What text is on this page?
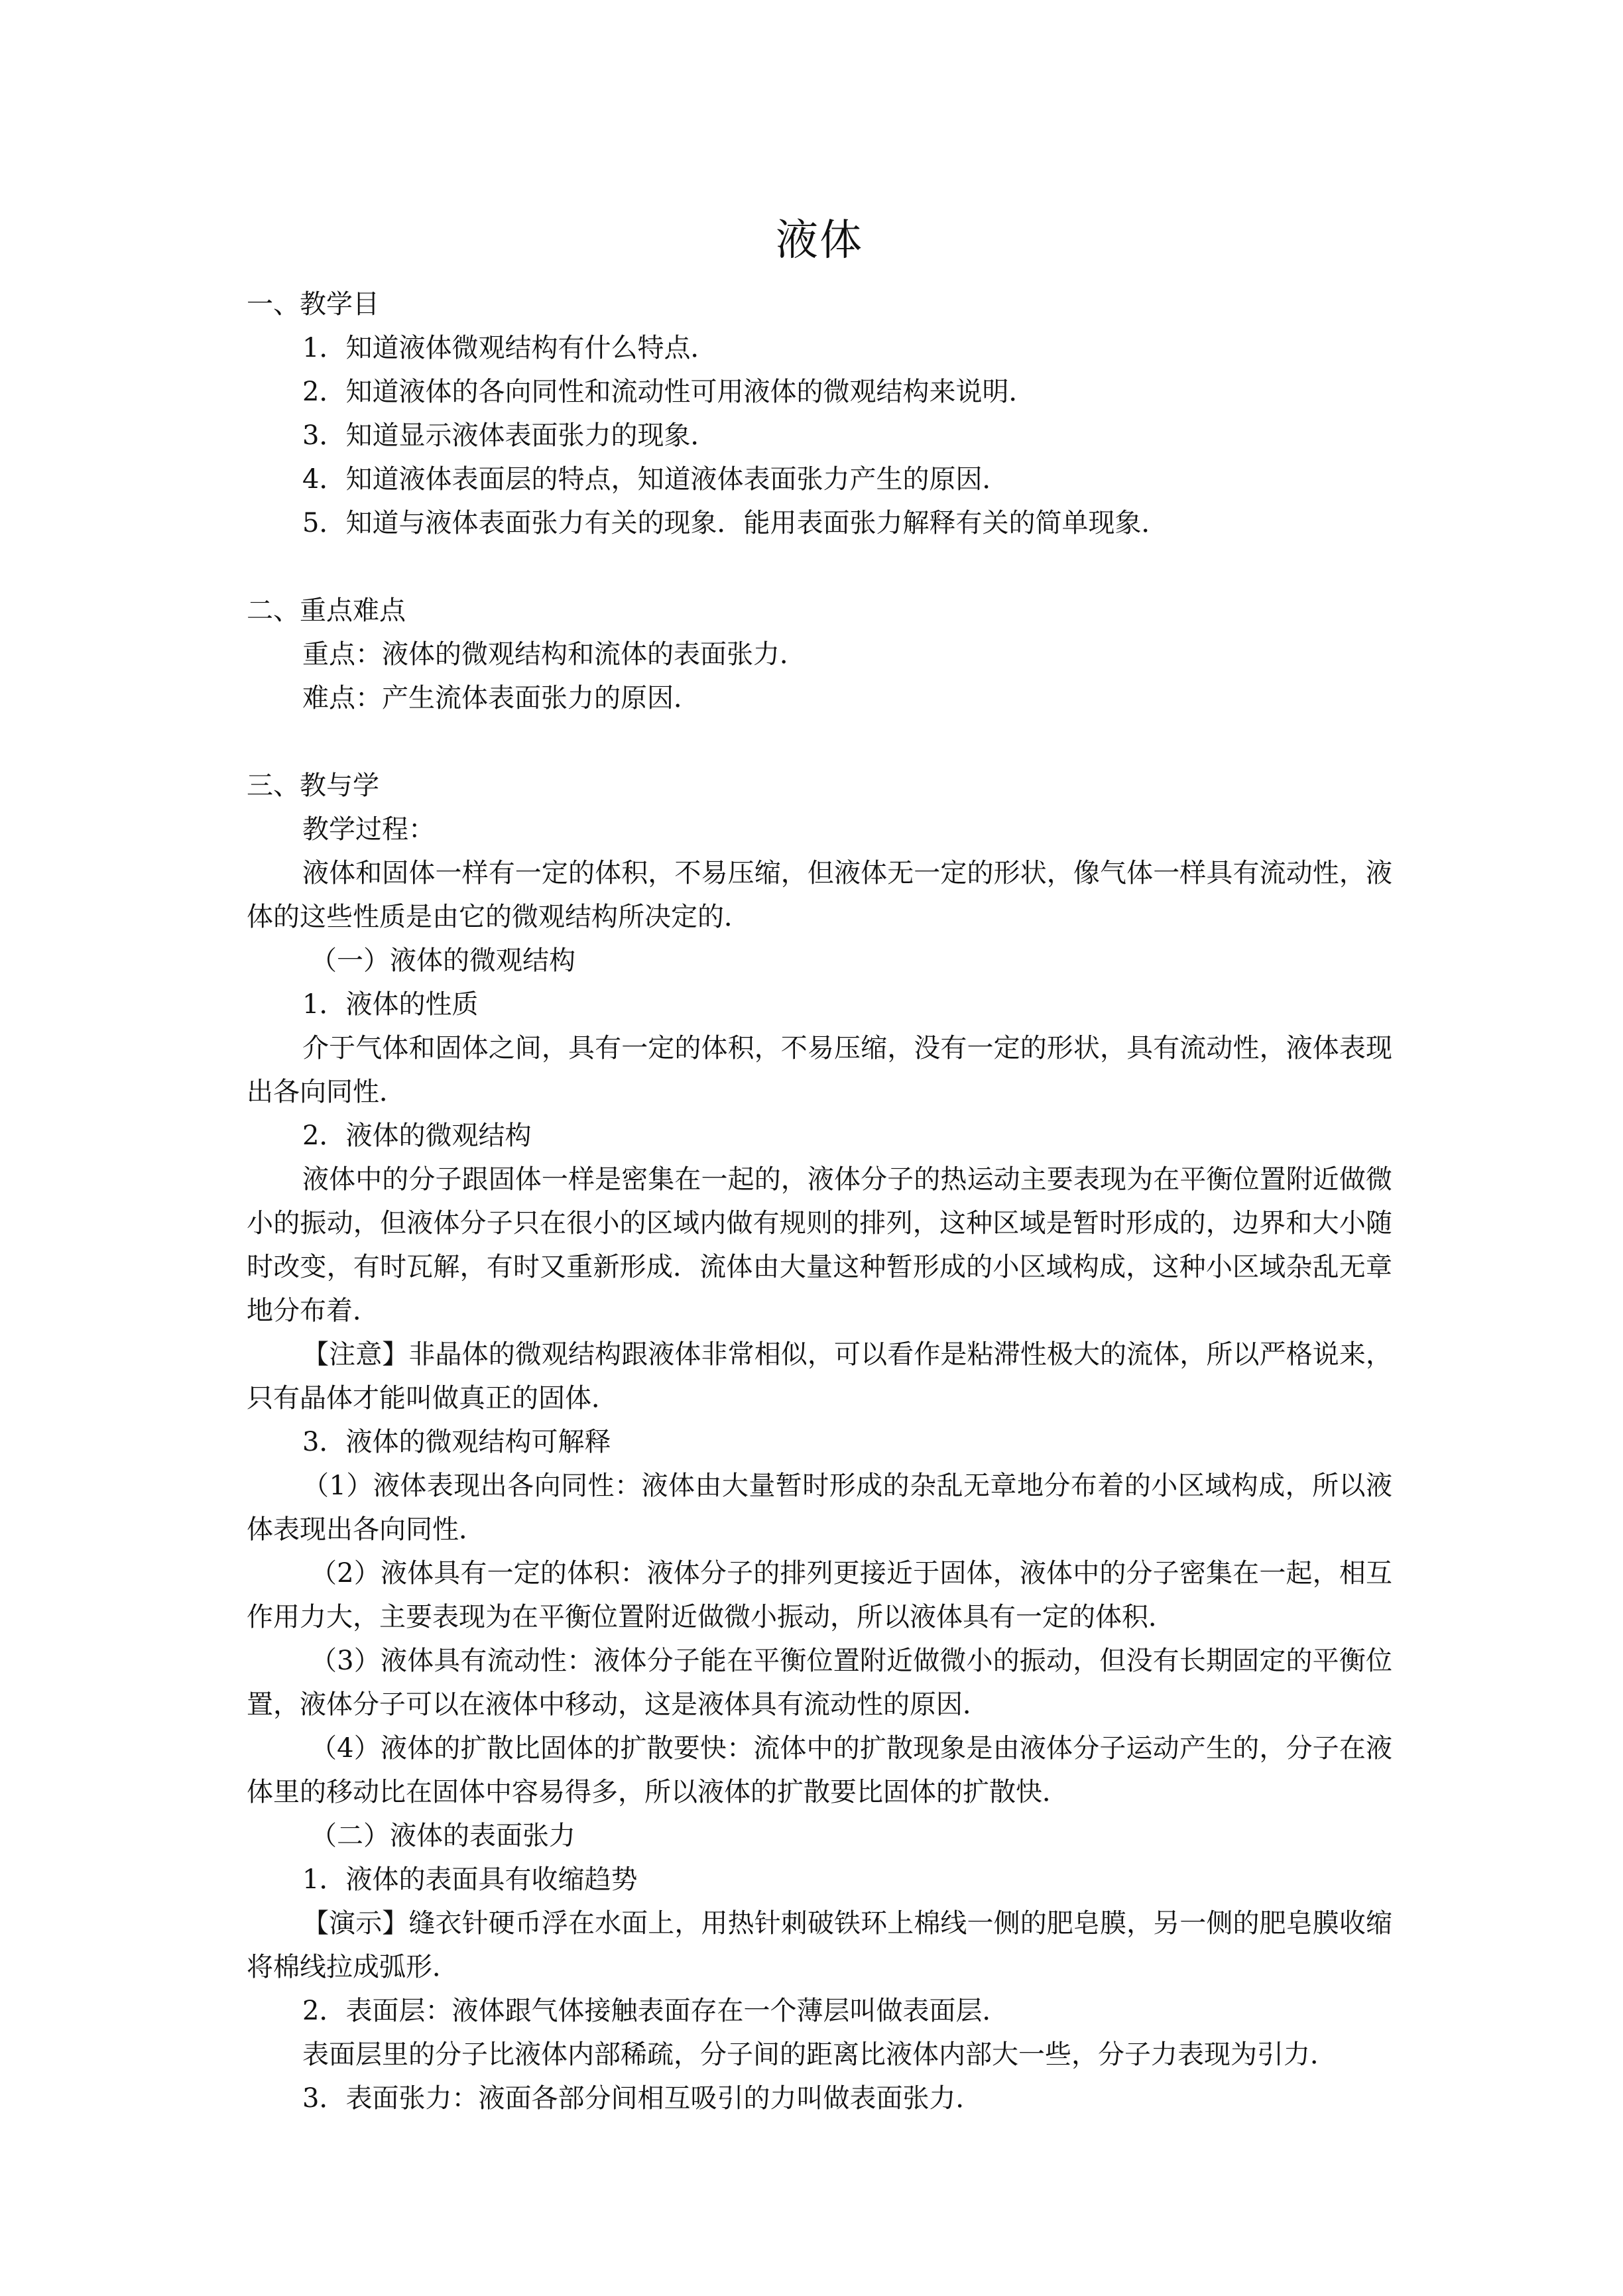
液体

一、教学目

1．知道液体微观结构有什么特点．

2．知道液体的各向同性和流动性可用液体的微观结构来说明．

3．知道显示液体表面张力的现象．

4．知道液体表面层的特点，知道液体表面张力产生的原因．

5．知道与液体表面张力有关的现象．能用表面张力解释有关的简单现象．

二、重点难点

重点：液体的微观结构和流体的表面张力．

难点：产生流体表面张力的原因．

三、教与学

教学过程：

液体和固体一样有一定的体积，不易压缩，但液体无一定的形状，像气体一样具有流动性，液体的这些性质是由它的微观结构所决定的．

（一）液体的微观结构

1．液体的性质

介于气体和固体之间，具有一定的体积，不易压缩，没有一定的形状，具有流动性，液体表现出各向同性．

2．液体的微观结构

液体中的分子跟固体一样是密集在一起的，液体分子的热运动主要表现为在平衡位置附近做微小的振动，但液体分子只在很小的区域内做有规则的排列，这种区域是暂时形成的，边界和大小随时改变，有时瓦解，有时又重新形成．流体由大量这种暂形成的小区域构成，这种小区域杂乱无章地分布着．

【注意】非晶体的微观结构跟液体非常相似，可以看作是粘滞性极大的流体，所以严格说来，只有晶体才能叫做真正的固体．

3．液体的微观结构可解释

（1）液体表现出各向同性：液体由大量暂时形成的杂乱无章地分布着的小区域构成，所以液体表现出各向同性．

（2）液体具有一定的体积：液体分子的排列更接近于固体，液体中的分子密集在一起，相互作用力大，主要表现为在平衡位置附近做微小振动，所以液体具有一定的体积．

（3）液体具有流动性：液体分子能在平衡位置附近做微小的振动，但没有长期固定的平衡位置，液体分子可以在液体中移动，这是液体具有流动性的原因．

（4）液体的扩散比固体的扩散要快：流体中的扩散现象是由液体分子运动产生的，分子在液体里的移动比在固体中容易得多，所以液体的扩散要比固体的扩散快．

（二）液体的表面张力

1．液体的表面具有收缩趋势

【演示】缝衣针硬币浮在水面上，用热针刺破铁环上棉线一侧的肥皂膜，另一侧的肥皂膜收缩将棉线拉成弧形．

2．表面层：液体跟气体接触表面存在一个薄层叫做表面层．

表面层里的分子比液体内部稀疏，分子间的距离比液体内部大一些，分子力表现为引力．

3．表面张力：液面各部分间相互吸引的力叫做表面张力．
